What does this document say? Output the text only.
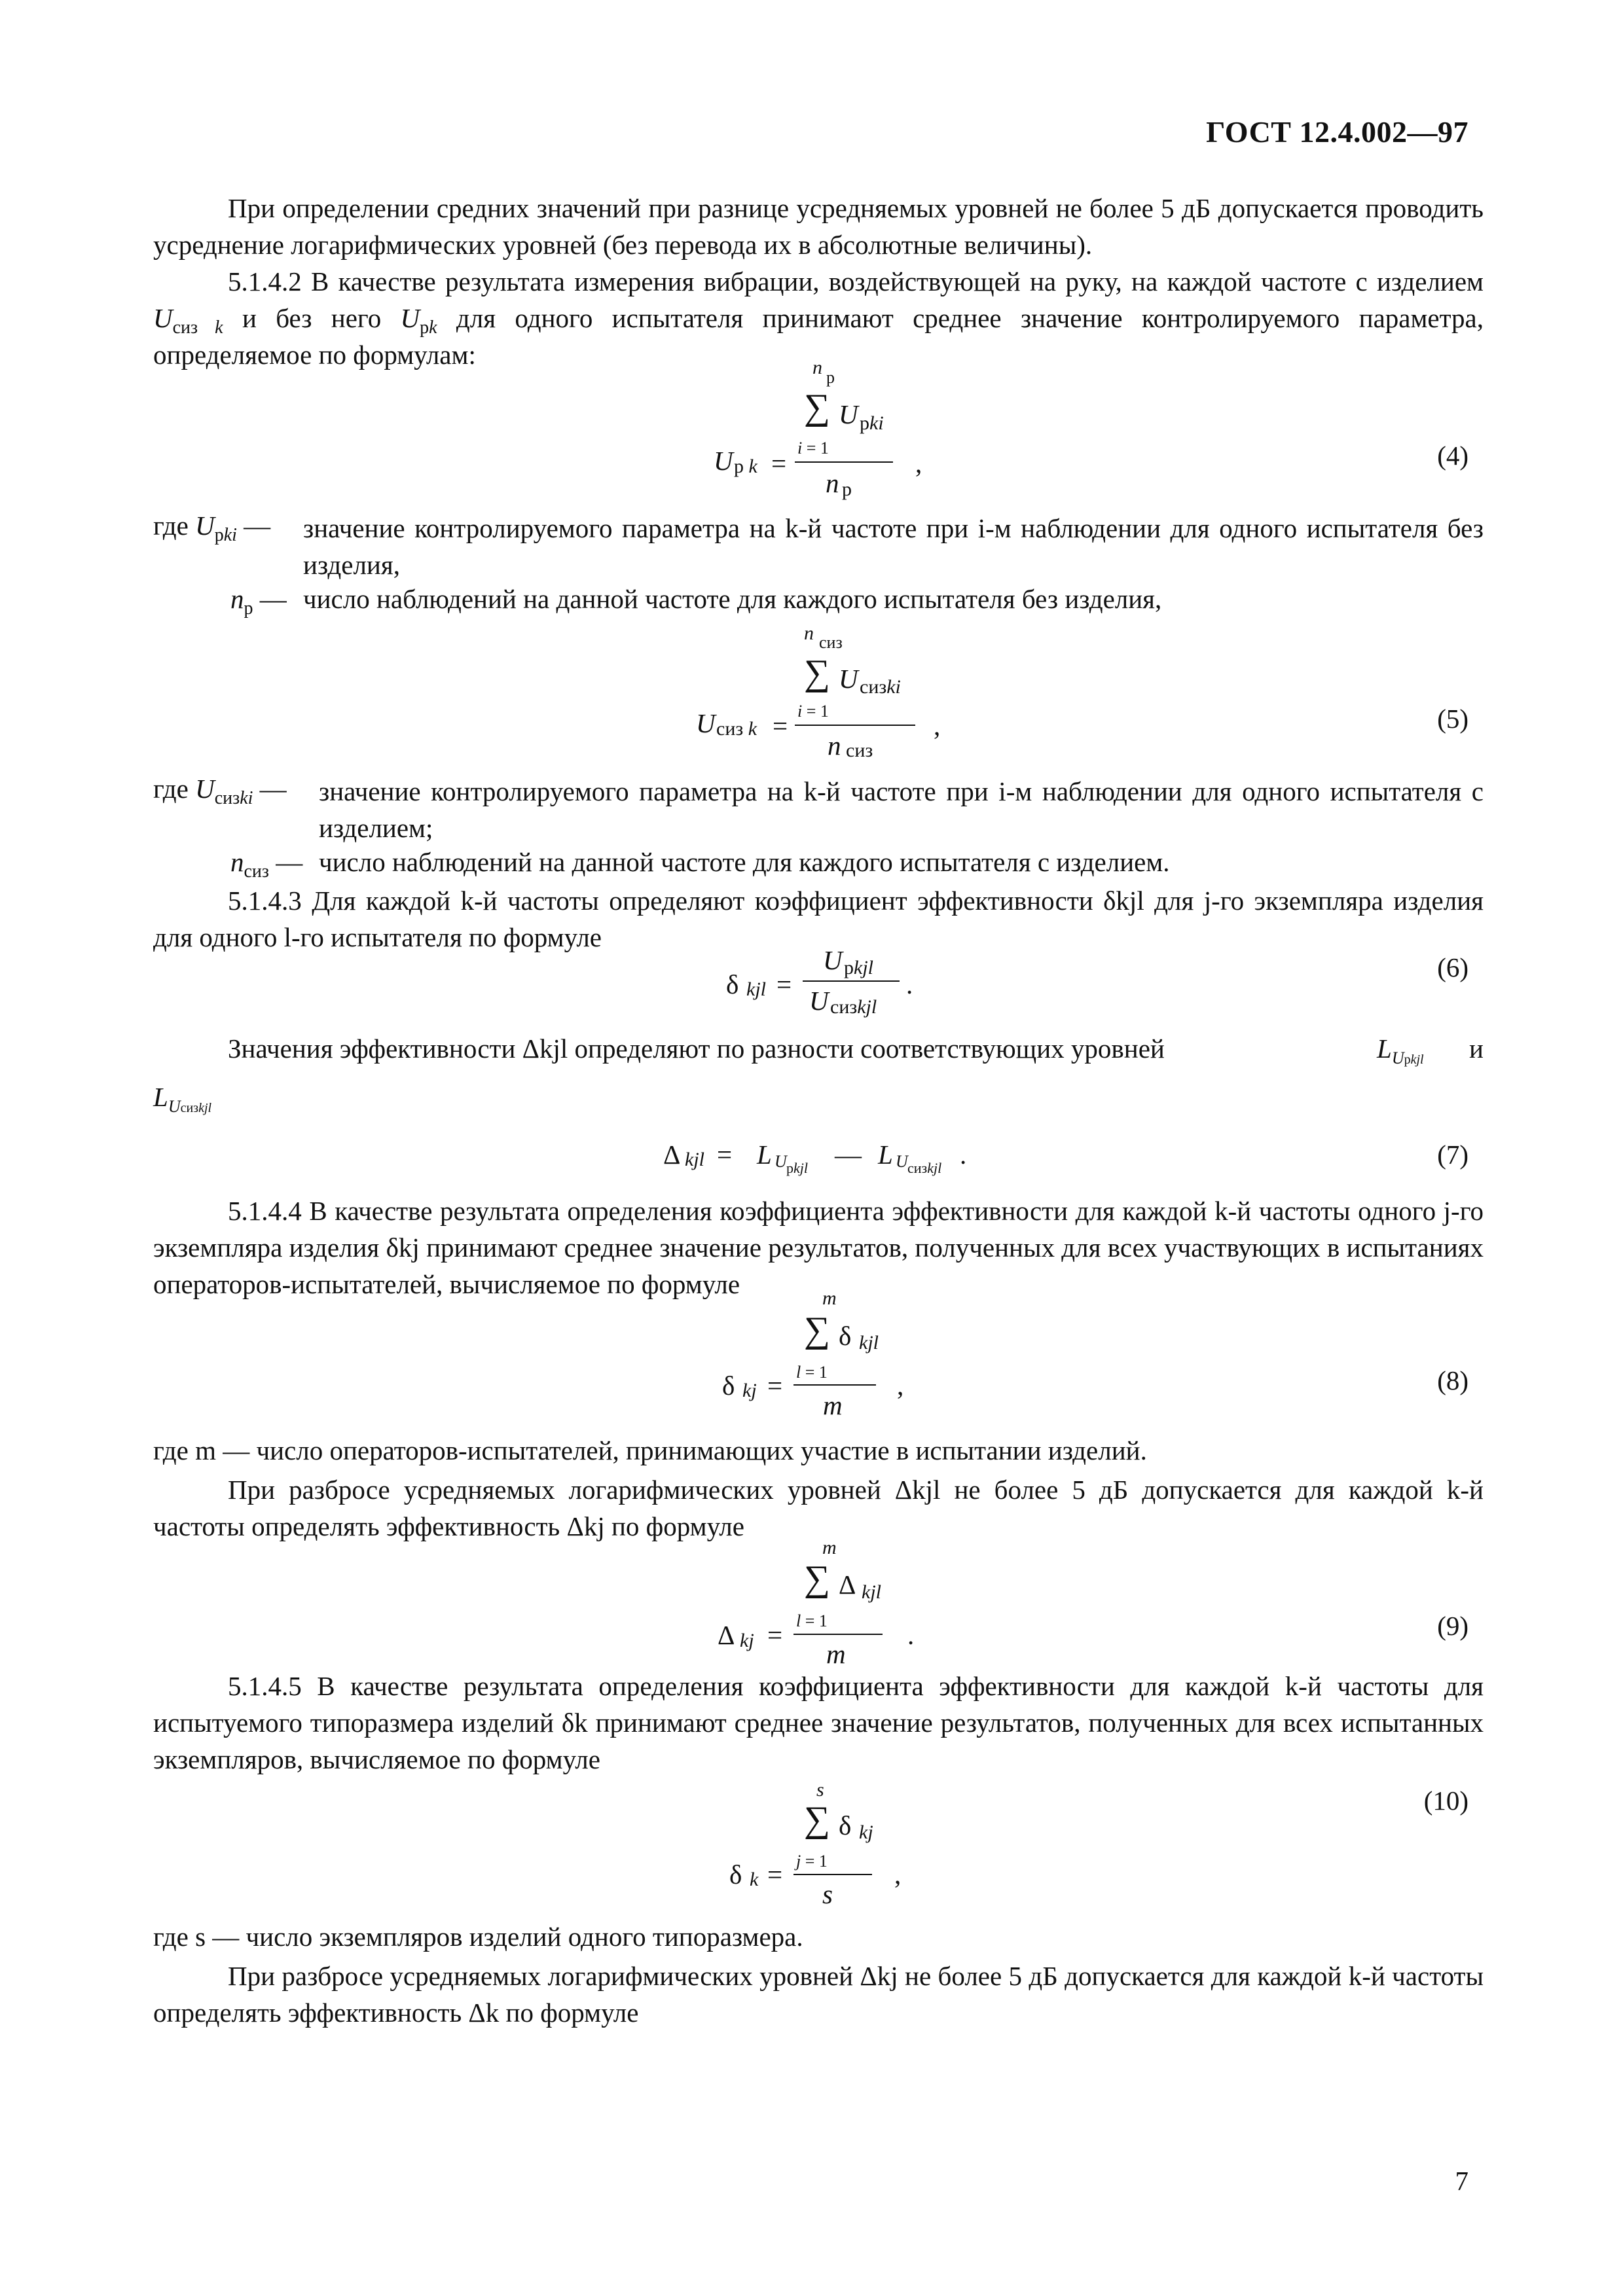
ГОСТ 12.4.002—97
При определении средних значений при разнице усредняемых уровней не более 5 дБ допускается проводить усреднение логарифмических уровней (без перевода их в абсолютные величины).
5.1.4.2 В качестве результата измерения вибрации, воздействующей на руку, на каждой частоте с изделием $U_{сиз k}$ и без него $U_{рk}$ для одного испытателя принимают среднее значение контролируемого параметра, определяемое по формулам:	n р
∑ U рki
U р k =
i = 1
n р
,	(4)
где $U_{рki}$ — значение контролируемого параметра на k-й частоте при i-м наблюдении для одного испытателя без изделия,
$n_р$ — число наблюдений на данной частоте для каждого испытателя без изделия,
n сиз
∑ U сизki
U сиз k = i = 1
n сиз
,	(5)
где $U_{сизki}$ — значение контролируемого параметра на k-й частоте при i-м наблюдении для одного испытателя с изделием;
$n_{сиз}$ — число наблюдений на данной частоте для каждого испытателя с изделием.
5.1.4.3 Для каждой k-й частоты определяют коэффициент эффективности δkjl для j-го экземпляра изделия для одного l-го испытателя по формуле
δ kjl =
U рkjl
U сизkjl
.
(6)
Значения эффективности Δkjl определяют по разности соответствующих уровней	$L_{Uрkjl}$ и
$L_{Uсизkjl}$
Δ kjl = L U рkjl — L U сизkjl .	(7)
5.1.4.4 В качестве результата определения коэффициента эффективности для каждой k-й частоты одного j-го экземпляра изделия δkj принимают среднее значение результатов, полученных для всех участвующих в испытаниях операторов-испытателей, вычисляемое по формуле	m
∑ δ kjl
δ kj = l = 1
m
,	(8)
где m — число операторов-испытателей, принимающих участие в испытании изделий.
При разбросе усредняемых логарифмических уровней Δkjl не более 5 дБ допускается для каждой k-й частоты определять эффективность Δkj по формуле
m
∑ Δ kjl
Δ kj = l = 1
m
.	(9)
5.1.4.5 В качестве результата определения коэффициента эффективности для каждой k-й частоты для испытуемого типоразмера изделий δk принимают среднее значение результатов, полученных для всех испытанных экземпляров, вычисляемое по формуле
s
∑ δ kj
δ k = j = 1
s
,
(10)
где s — число экземпляров изделий одного типоразмера.
При разбросе усредняемых логарифмических уровней Δkj не более 5 дБ допускается для каждой k-й частоты определять эффективность Δk по формуле
7
